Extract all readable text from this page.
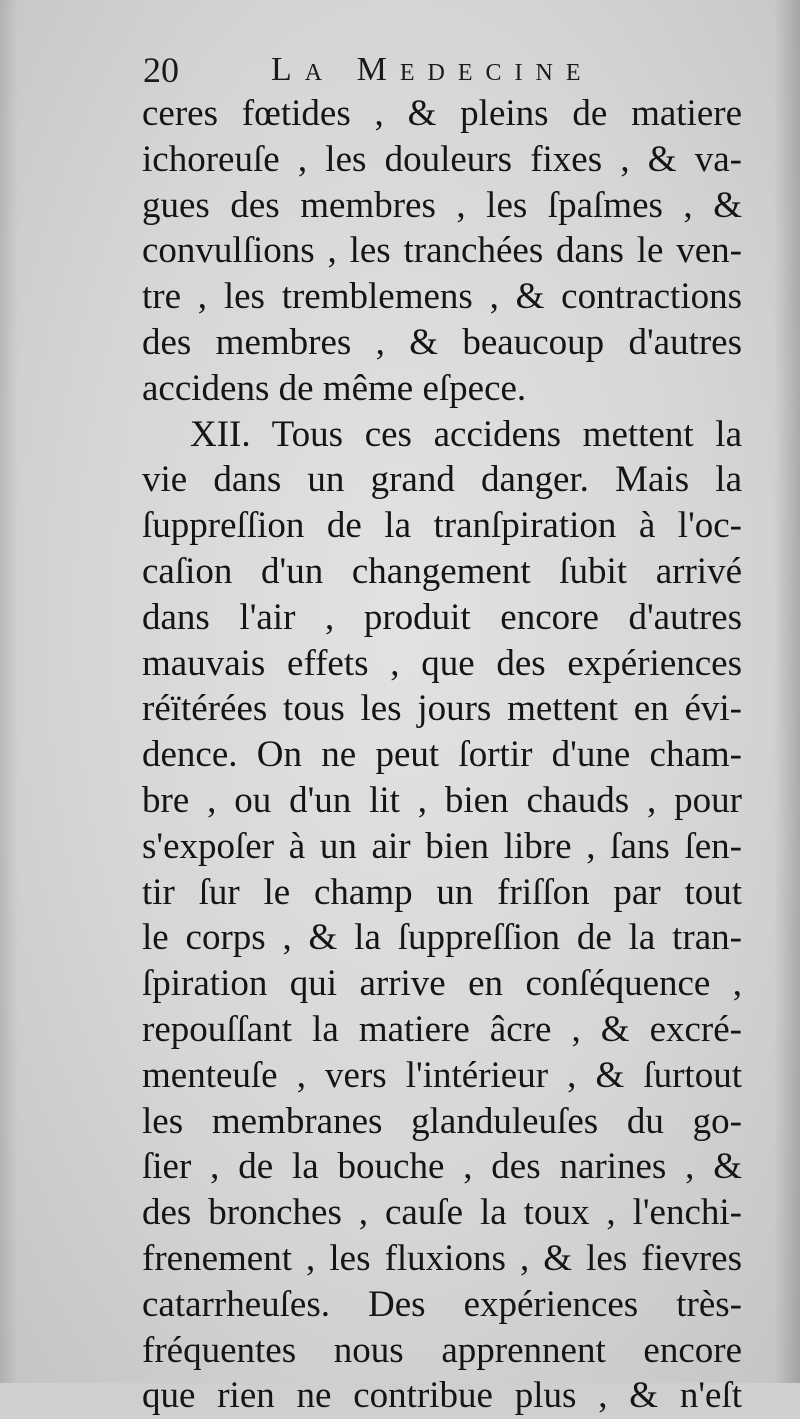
20	La Medecine
ceres fœtides , & pleins de matiere
ichoreuſe , les douleurs fixes , & va-
gues des membres , les ſpaſmes , &
convulſions , les tranchées dans le ven-
tre , les tremblemens , & contractions
des membres , & beaucoup d'autres
accidens de même eſpece.
XII. Tous ces accidens mettent la
vie dans un grand danger. Mais la
ſuppreſſion de la tranſpiration à l'oc-
caſion d'un changement ſubit arrivé
dans l'air , produit encore d'autres
mauvais effets , que des expériences
réïtérées tous les jours mettent en évi-
dence. On ne peut ſortir d'une cham-
bre , ou d'un lit , bien chauds , pour
s'expoſer à un air bien libre , ſans ſen-
tir ſur le champ un friſſon par tout
le corps , & la ſuppreſſion de la tran-
ſpiration qui arrive en conſéquence ,
repouſſant la matiere âcre , & excré-
menteuſe , vers l'intérieur , & ſurtout
les membranes glanduleuſes du go-
ſier , de la bouche , des narines , &
des bronches , cauſe la toux , l'enchi-
frenement , les fluxions , & les fievres
catarrheuſes. Des expériences très-
fréquentes nous apprennent encore
que rien ne contribue plus , & n'eſt
